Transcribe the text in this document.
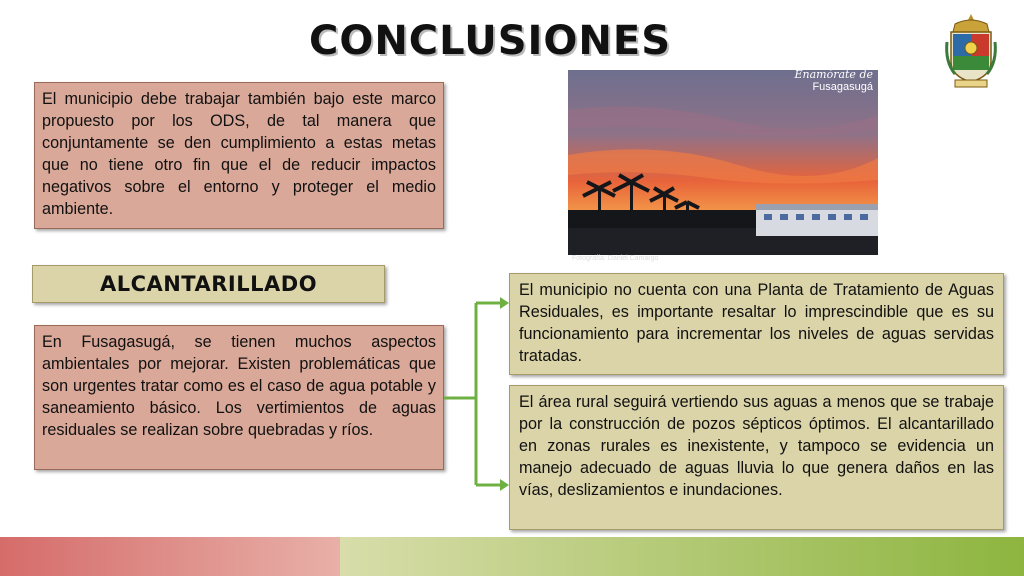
CONCLUSIONES
El municipio debe trabajar también bajo este marco propuesto por los ODS, de tal manera que conjuntamente se den cumplimiento a estas metas que no tiene otro fin que el de reducir impactos negativos sobre el entorno y proteger el medio ambiente.
Enamórate de
Fusagasugá
Fotografía: Daniel Camargo
ALCANTARILLADO
En Fusagasugá, se tienen muchos aspectos ambientales por mejorar. Existen problemáticas que son urgentes tratar como es el caso de agua potable y saneamiento básico. Los vertimientos de aguas residuales se realizan sobre quebradas y ríos.
El municipio no cuenta con una Planta de Tratamiento de Aguas Residuales, es importante resaltar lo imprescindible que es su funcionamiento para incrementar los niveles de aguas servidas tratadas.
El área rural seguirá vertiendo sus aguas a menos que se trabaje por la construcción de pozos sépticos óptimos. El alcantarillado en zonas rurales es inexistente, y tampoco se evidencia un manejo adecuado de aguas lluvia lo que genera daños en las vías, deslizamientos e inundaciones.
